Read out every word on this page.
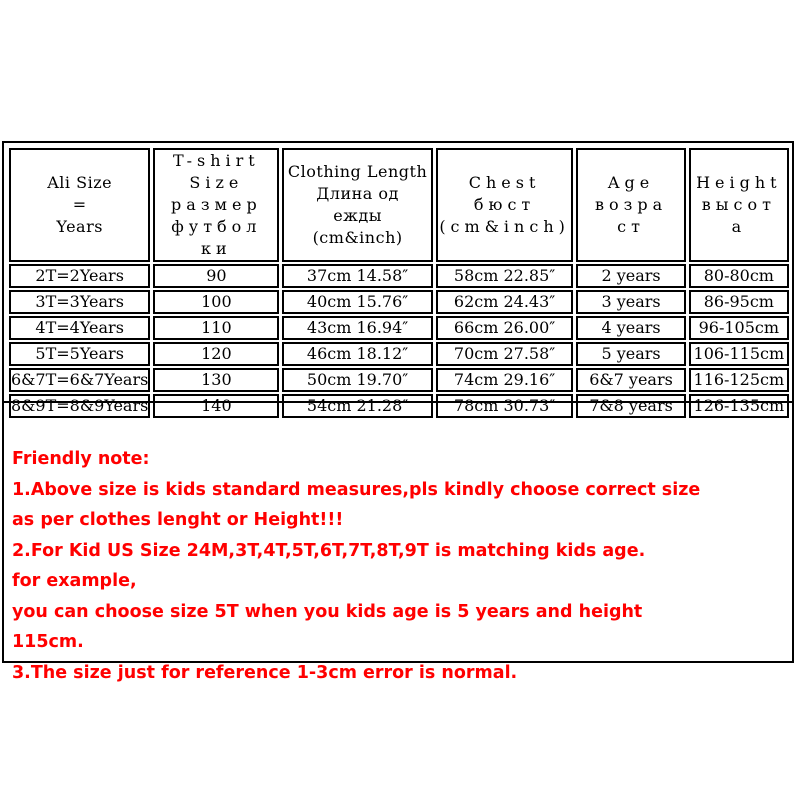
Ali Size
=
Years	T-shirt Size
размер
футбол
ки	Clothing Length
Длина од
ежды
(cm&inch)	Chest
бюст
(cm&inch)	Age
возра
ст	Height
высот
а
2T=2Years	90	37cm 14.58″	58cm 22.85″	2 years	80-80cm
3T=3Years	100	40cm 15.76″	62cm 24.43″	3 years	86-95cm
4T=4Years	110	43cm 16.94″	66cm 26.00″	4 years	96-105cm
5T=5Years	120	46cm 18.12″	70cm 27.58″	5 years	106-115cm
6&7T=6&7Years	130	50cm 19.70″	74cm 29.16″	6&7 years	116-125cm
8&9T=8&9Years	140	54cm 21.28″	78cm 30.73″	7&8 years	126-135cm
Friendly note:
1.Above size is kids standard measures,pls kindly choose correct size
as per clothes lenght or Height!!!
2.For Kid US Size 24M,3T,4T,5T,6T,7T,8T,9T is matching kids age.
for example,
you can choose size 5T when you kids age is 5 years and height
115cm.
3.The size just for reference 1-3cm error is normal.
